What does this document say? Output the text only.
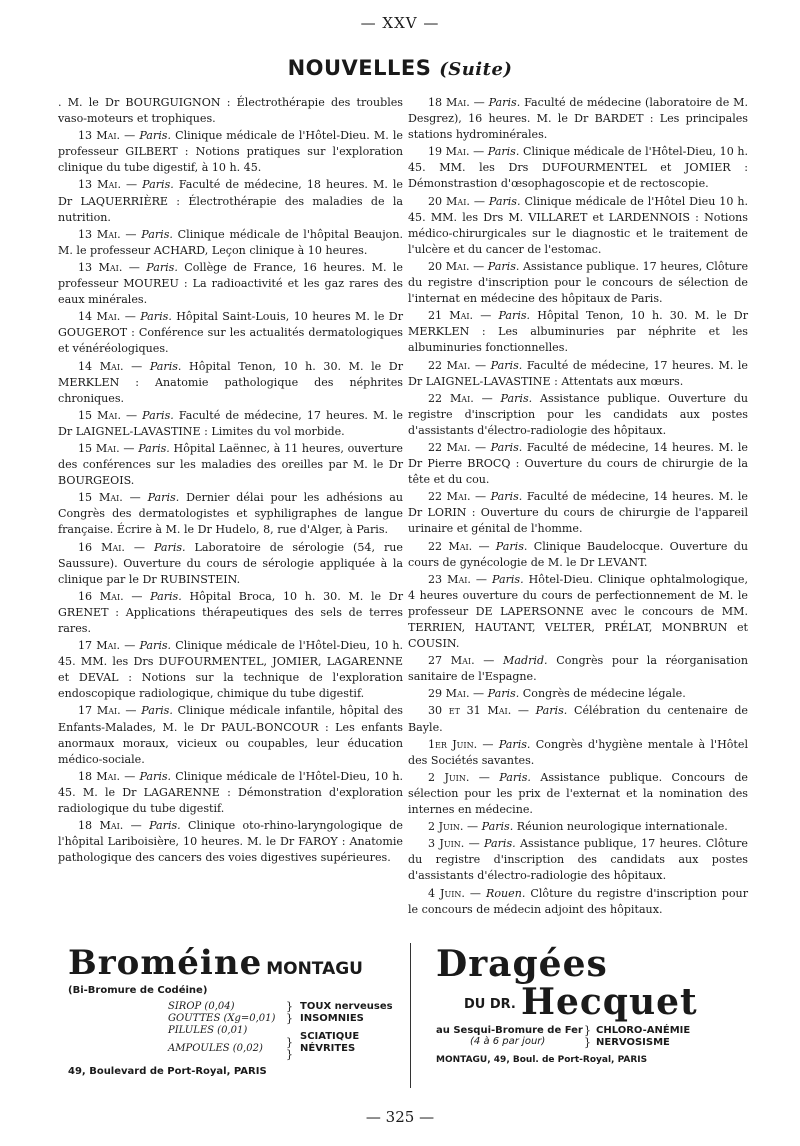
— XXV —
NOUVELLES (Suite)

. M. le Dr BOURGUIGNON : Électrothérapie des troubles vaso-moteurs et trophiques.

13 Mai. — Paris. Clinique médicale de l'Hôtel-Dieu. M. le professeur GILBERT : Notions pratiques sur l'exploration clinique du tube digestif, à 10 h. 45.

13 Mai. — Paris. Faculté de médecine, 18 heures. M. le Dr LAQUERRIÈRE : Électrothérapie des maladies de la nutrition.

13 Mai. — Paris. Clinique médicale de l'hôpital Beaujon. M. le professeur ACHARD, Leçon clinique à 10 heures.

13 Mai. — Paris. Collège de France, 16 heures. M. le professeur MOUREU : La radioactivité et les gaz rares des eaux minérales.

14 Mai. — Paris. Hôpital Saint-Louis, 10 heures M. le Dr GOUGEROT : Conférence sur les actualités dermatologiques et vénéréologiques.

14 Mai. — Paris. Hôpital Tenon, 10 h. 30. M. le Dr MERKLEN : Anatomie pathologique des néphrites chroniques.

15 Mai. — Paris. Faculté de médecine, 17 heures. M. le Dr LAIGNEL-LAVASTINE : Limites du vol morbide.

15 Mai. — Paris. Hôpital Laënnec, à 11 heures, ouverture des conférences sur les maladies des oreilles par M. le Dr BOURGEOIS.

15 Mai. — Paris. Dernier délai pour les adhésions au Congrès des dermatologistes et syphiligraphes de langue française. Écrire à M. le Dr Hudelo, 8, rue d'Alger, à Paris.

16 Mai. — Paris. Laboratoire de sérologie (54, rue Saussure). Ouverture du cours de sérologie appliquée à la clinique par le Dr RUBINSTEIN.

16 Mai. — Paris. Hôpital Broca, 10 h. 30. M. le Dr GRENET : Applications thérapeutiques des sels de terres rares.

17 Mai. — Paris. Clinique médicale de l'Hôtel-Dieu, 10 h. 45. MM. les Drs DUFOURMENTEL, JOMIER, LAGARENNE et DEVAL : Notions sur la technique de l'exploration endoscopique radiologique, chimique du tube digestif.

17 Mai. — Paris. Clinique médicale infantile, hôpital des Enfants-Malades, M. le Dr PAUL-BONCOUR : Les enfants anormaux moraux, vicieux ou coupables, leur éducation médico-sociale.

18 Mai. — Paris. Clinique médicale de l'Hôtel-Dieu, 10 h. 45. M. le Dr LAGARENNE : Démonstration d'exploration radiologique du tube digestif.

18 Mai. — Paris. Clinique oto-rhino-laryngologique de l'hôpital Lariboisière, 10 heures. M. le Dr FAROY : Anatomie pathologique des cancers des voies digestives supérieures.

18 Mai. — Paris. Faculté de médecine (laboratoire de M. Desgrez), 16 heures. M. le Dr BARDET : Les principales stations hydrominérales.

19 Mai. — Paris. Clinique médicale de l'Hôtel-Dieu, 10 h. 45. MM. les Drs DUFOURMENTEL et JOMIER : Démonstrastion d'œsophagoscopie et de rectoscopie.

20 Mai. — Paris. Clinique médicale de l'Hôtel Dieu 10 h. 45. MM. les Drs M. VILLARET et LARDENNOIS : Notions médico-chirurgicales sur le diagnostic et le traitement de l'ulcère et du cancer de l'estomac.

20 Mai. — Paris. Assistance publique. 17 heures, Clôture du registre d'inscription pour le concours de sélection de l'internat en médecine des hôpitaux de Paris.

21 Mai. — Paris. Hôpital Tenon, 10 h. 30. M. le Dr MERKLEN : Les albuminuries par néphrite et les albuminuries fonctionnelles.

22 Mai. — Paris. Faculté de médecine, 17 heures. M. le Dr LAIGNEL-LAVASTINE : Attentats aux mœurs.

22 Mai. — Paris. Assistance publique. Ouverture du registre d'inscription pour les candidats aux postes d'assistants d'électro-radiologie des hôpitaux.

22 Mai. — Paris. Faculté de médecine, 14 heures. M. le Dr Pierre BROCQ : Ouverture du cours de chirurgie de la tête et du cou.

22 Mai. — Paris. Faculté de médecine, 14 heures. M. le Dr LORIN : Ouverture du cours de chirurgie de l'appareil urinaire et génital de l'homme.

22 Mai. — Paris. Clinique Baudelocque. Ouverture du cours de gynécologie de M. le Dr LEVANT.

23 Mai. — Paris. Hôtel-Dieu. Clinique ophtalmologique, 4 heures ouverture du cours de perfectionnement de M. le professeur DE LAPERSONNE avec le concours de MM. TERRIEN, HAUTANT, VELTER, PRÉLAT, MONBRUN et COUSIN.

27 Mai. — Madrid. Congrès pour la réorganisation sanitaire de l'Espagne.

29 Mai. — Paris. Congrès de médecine légale.

30 et 31 Mai. — Paris. Célébration du centenaire de Bayle.

1er Juin. — Paris. Congrès d'hygiène mentale à l'Hôtel des Sociétés savantes.

2 Juin. — Paris. Assistance publique. Concours de sélection pour les prix de l'externat et la nomination des internes en médecine.

2 Juin. — Paris. Réunion neurologique internationale.

3 Juin. — Paris. Assistance publique, 17 heures. Clôture du registre d'inscription des candidats aux postes d'assistants d'électro-radiologie des hôpitaux.

4 Juin. — Rouen. Clôture du registre d'inscription pour le concours de médecin adjoint des hôpitaux.

Broméine MONTAGU
(Bi-Bromure de Codéine)
SIROP (0,04)
GOUTTES (Xg=0,01)
PILULES (0,01)
AMPOULES (0,02)
}
}

}
}
TOUX nerveuses
INSOMNIES
SCIATIQUE
NÉVRITES
49, Boulevard de Port-Royal, PARIS
Dragées
$^{DU DR.}$ Hecquet
au Sesqui-Bromure de Fer
(4 à 6 par jour)
}
}
CHLORO-ANÉMIE
NERVOSISME
MONTAGU, 49, Boul. de Port-Royal, PARIS
— 325 —
